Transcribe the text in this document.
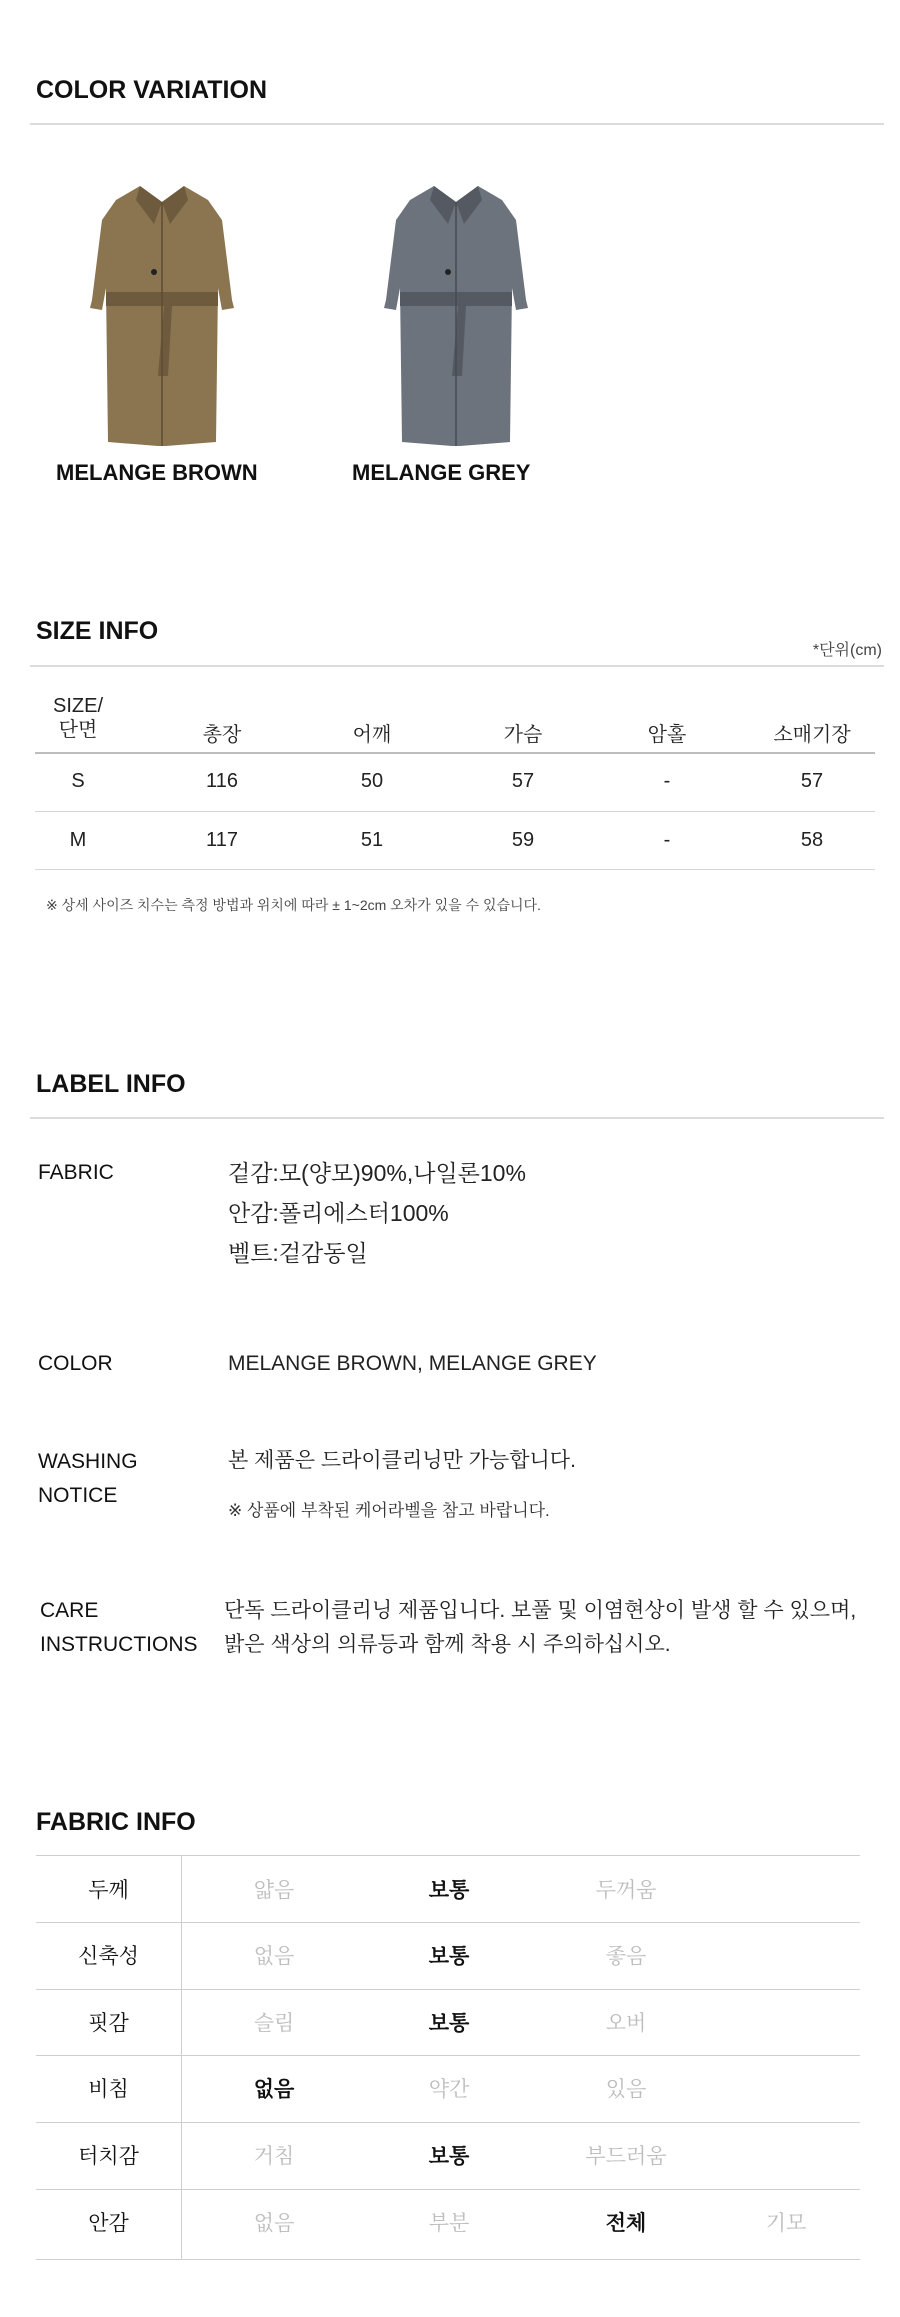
COLOR VARIATION
MELANGE BROWN	MELANGE GREY
SIZE INFO
*단위(cm)
SIZE/
단면	총장	어깨	가슴	암홀	소매기장
S	116	50	57	-	57
M	117	51	59	-	58
※ 상세 사이즈 치수는 측정 방법과 위치에 따라 ± 1~2cm 오차가 있을 수 있습니다.
LABEL INFO
FABRIC	겉감:모(양모)90%,나일론10%
안감:폴리에스터100%
벨트:겉감동일
COLOR	MELANGE BROWN, MELANGE GREY
WASHING
NOTICE
본 제품은 드라이클리닝만 가능합니다.
※ 상품에 부착된 케어라벨을 참고 바랍니다.
CARE
INSTRUCTIONS
단독 드라이클리닝 제품입니다. 보풀 및 이염현상이 발생 할 수 있으며,
밝은 색상의 의류등과 함께 착용 시 주의하십시오.
FABRIC INFO
두께	얇음	보통	두꺼움
신축성	없음	보통	좋음
핏감	슬림	보통	오버
비침	없음	약간	있음
터치감	거침	보통	부드러움
안감	없음	부분	전체	기모
